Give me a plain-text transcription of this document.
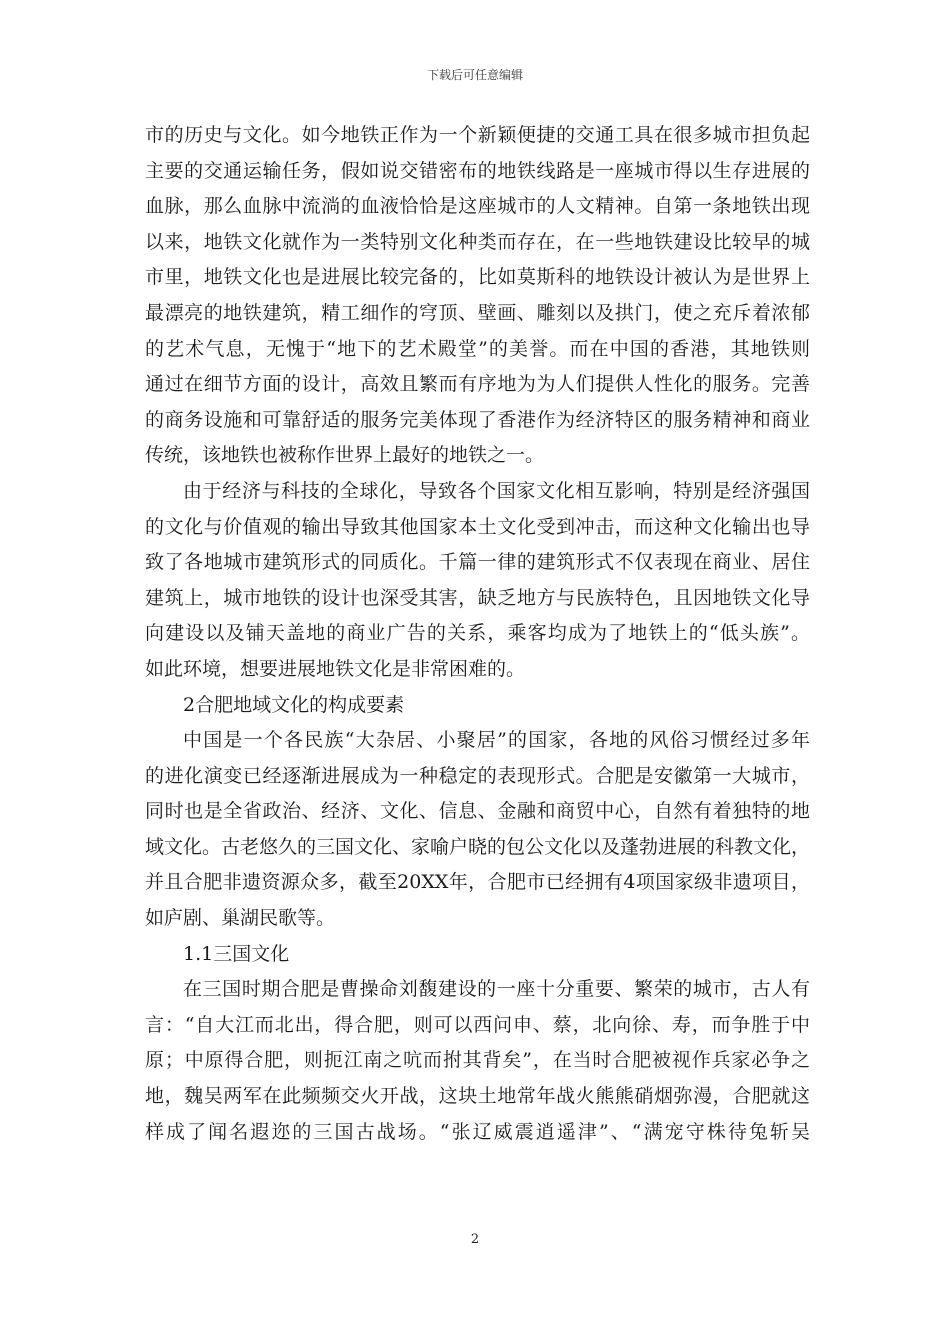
下载后可任意编辑
市的历史与文化。如今地铁正作为一个新颖便捷的交通工具在很多城市担负起
主要的交通运输任务，假如说交错密布的地铁线路是一座城市得以生存进展的
血脉，那么血脉中流淌的血液恰恰是这座城市的人文精神。自第一条地铁出现
以来，地铁文化就作为一类特别文化种类而存在，在一些地铁建设比较早的城
市里，地铁文化也是进展比较完备的，比如莫斯科的地铁设计被认为是世界上
最漂亮的地铁建筑，精工细作的穹顶、壁画、雕刻以及拱门，使之充斥着浓郁
的艺术气息，无愧于“地下的艺术殿堂”的美誉。而在中国的香港，其地铁则
通过在细节方面的设计，高效且繁而有序地为为人们提供人性化的服务。完善
的商务设施和可靠舒适的服务完美体现了香港作为经济特区的服务精神和商业
传统，该地铁也被称作世界上最好的地铁之一。
由于经济与科技的全球化，导致各个国家文化相互影响，特别是经济强国
的文化与价值观的输出导致其他国家本土文化受到冲击，而这种文化输出也导
致了各地城市建筑形式的同质化。千篇一律的建筑形式不仅表现在商业、居住
建筑上，城市地铁的设计也深受其害，缺乏地方与民族特色，且因地铁文化导
向建设以及铺天盖地的商业广告的关系，乘客均成为了地铁上的“低头族”。
如此环境，想要进展地铁文化是非常困难的。
2合肥地域文化的构成要素
中国是一个各民族“大杂居、小聚居”的国家，各地的风俗习惯经过多年
的进化演变已经逐渐进展成为一种稳定的表现形式。合肥是安徽第一大城市，
同时也是全省政治、经济、文化、信息、金融和商贸中心，自然有着独特的地
域文化。古老悠久的三国文化、家喻户晓的包公文化以及蓬勃进展的科教文化，
并且合肥非遗资源众多，截至20XX年，合肥市已经拥有4项国家级非遗项目，
如庐剧、巢湖民歌等。
1.1三国文化
在三国时期合肥是曹操命刘馥建设的一座十分重要、繁荣的城市，古人有
言：“自大江而北出，得合肥，则可以西问申、蔡，北向徐、寿，而争胜于中
原；中原得合肥，则扼江南之吭而拊其背矣”，在当时合肥被视作兵家必争之
地，魏吴两军在此频频交火开战，这块土地常年战火熊熊硝烟弥漫，合肥就这
样成了闻名遐迩的三国古战场。“张辽威震逍遥津”、“满宠守株待兔斩吴
2
